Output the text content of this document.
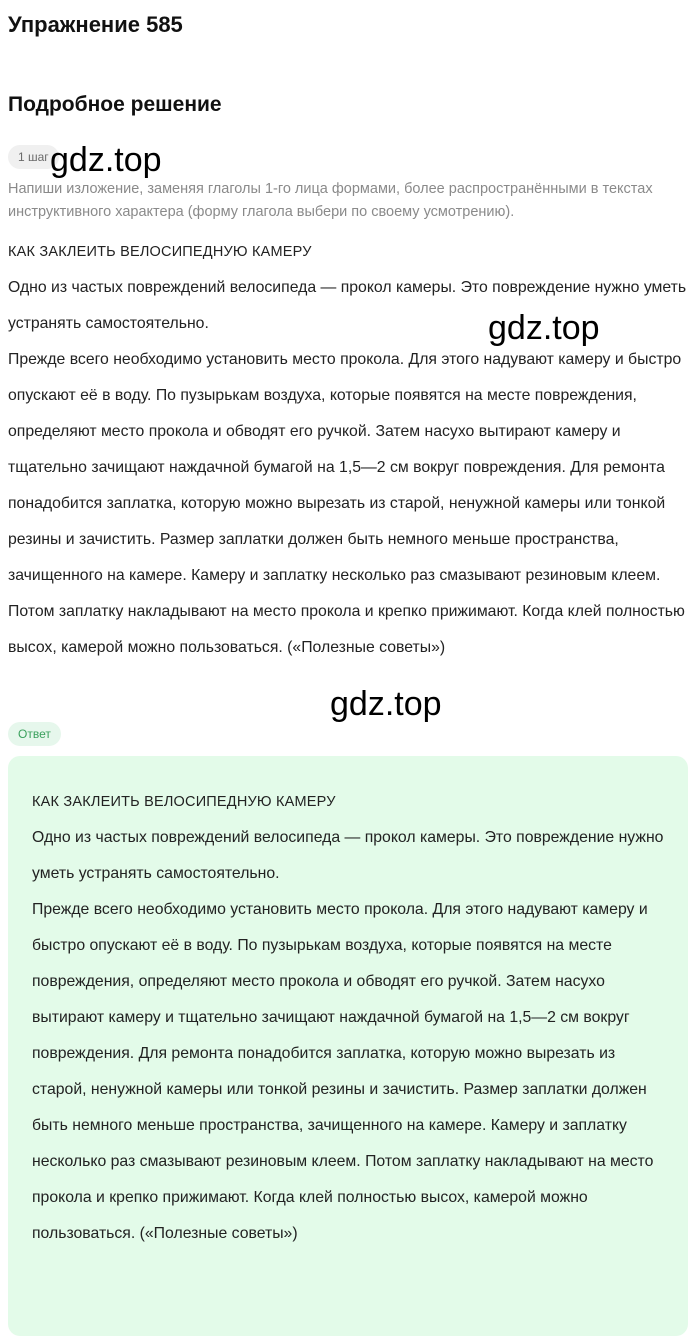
Упражнение 585
Подробное решение
1 шаг

Напиши изложение, заменяя глаголы 1-го лица формами, более распространёнными в текстах инструктивного характера (форму глагола выбери по своему усмотрению).

КАК ЗАКЛЕИТЬ ВЕЛОСИПЕДНУЮ КАМЕРУ

Одно из частых повреждений велосипеда — прокол камеры. Это повреждение нужно уметь устранять самостоятельно.

Прежде всего необходимо установить место прокола. Для этого надувают камеру и быстро опускают её в воду. По пузырькам воздуха, которые появятся на месте повреждения, определяют место прокола и обводят его ручкой. Затем насухо вытирают камеру и тщательно зачищают наждачной бумагой на 1,5—2 см вокруг повреждения. Для ремонта понадобится заплатка, которую можно вырезать из старой, ненужной камеры или тонкой резины и зачистить. Размер заплатки должен быть немного меньше пространства, зачищенного на камере. Камеру и заплатку несколько раз смазывают резиновым клеем. Потом заплатку накладывают на место прокола и крепко прижимают. Когда клей полностью высох, камерой можно пользоваться. («Полезные советы»)

Ответ

КАК ЗАКЛЕИТЬ ВЕЛОСИПЕДНУЮ КАМЕРУ

Одно из частых повреждений велосипеда — прокол камеры. Это повреждение нужно уметь устранять самостоятельно.

Прежде всего необходимо установить место прокола. Для этого надувают камеру и быстро опускают её в воду. По пузырькам воздуха, которые появятся на месте повреждения, определяют место прокола и обводят его ручкой. Затем насухо вытирают камеру и тщательно зачищают наждачной бумагой на 1,5—2 см вокруг повреждения. Для ремонта понадобится заплатка, которую можно вырезать из старой, ненужной камеры или тонкой резины и зачистить. Размер заплатки должен быть немного меньше пространства, зачищенного на камере. Камеру и заплатку несколько раз смазывают резиновым клеем. Потом заплатку накладывают на место прокола и крепко прижимают. Когда клей полностью высох, камерой можно пользоваться. («Полезные советы»)

gdz.top
gdz.top
gdz.top
